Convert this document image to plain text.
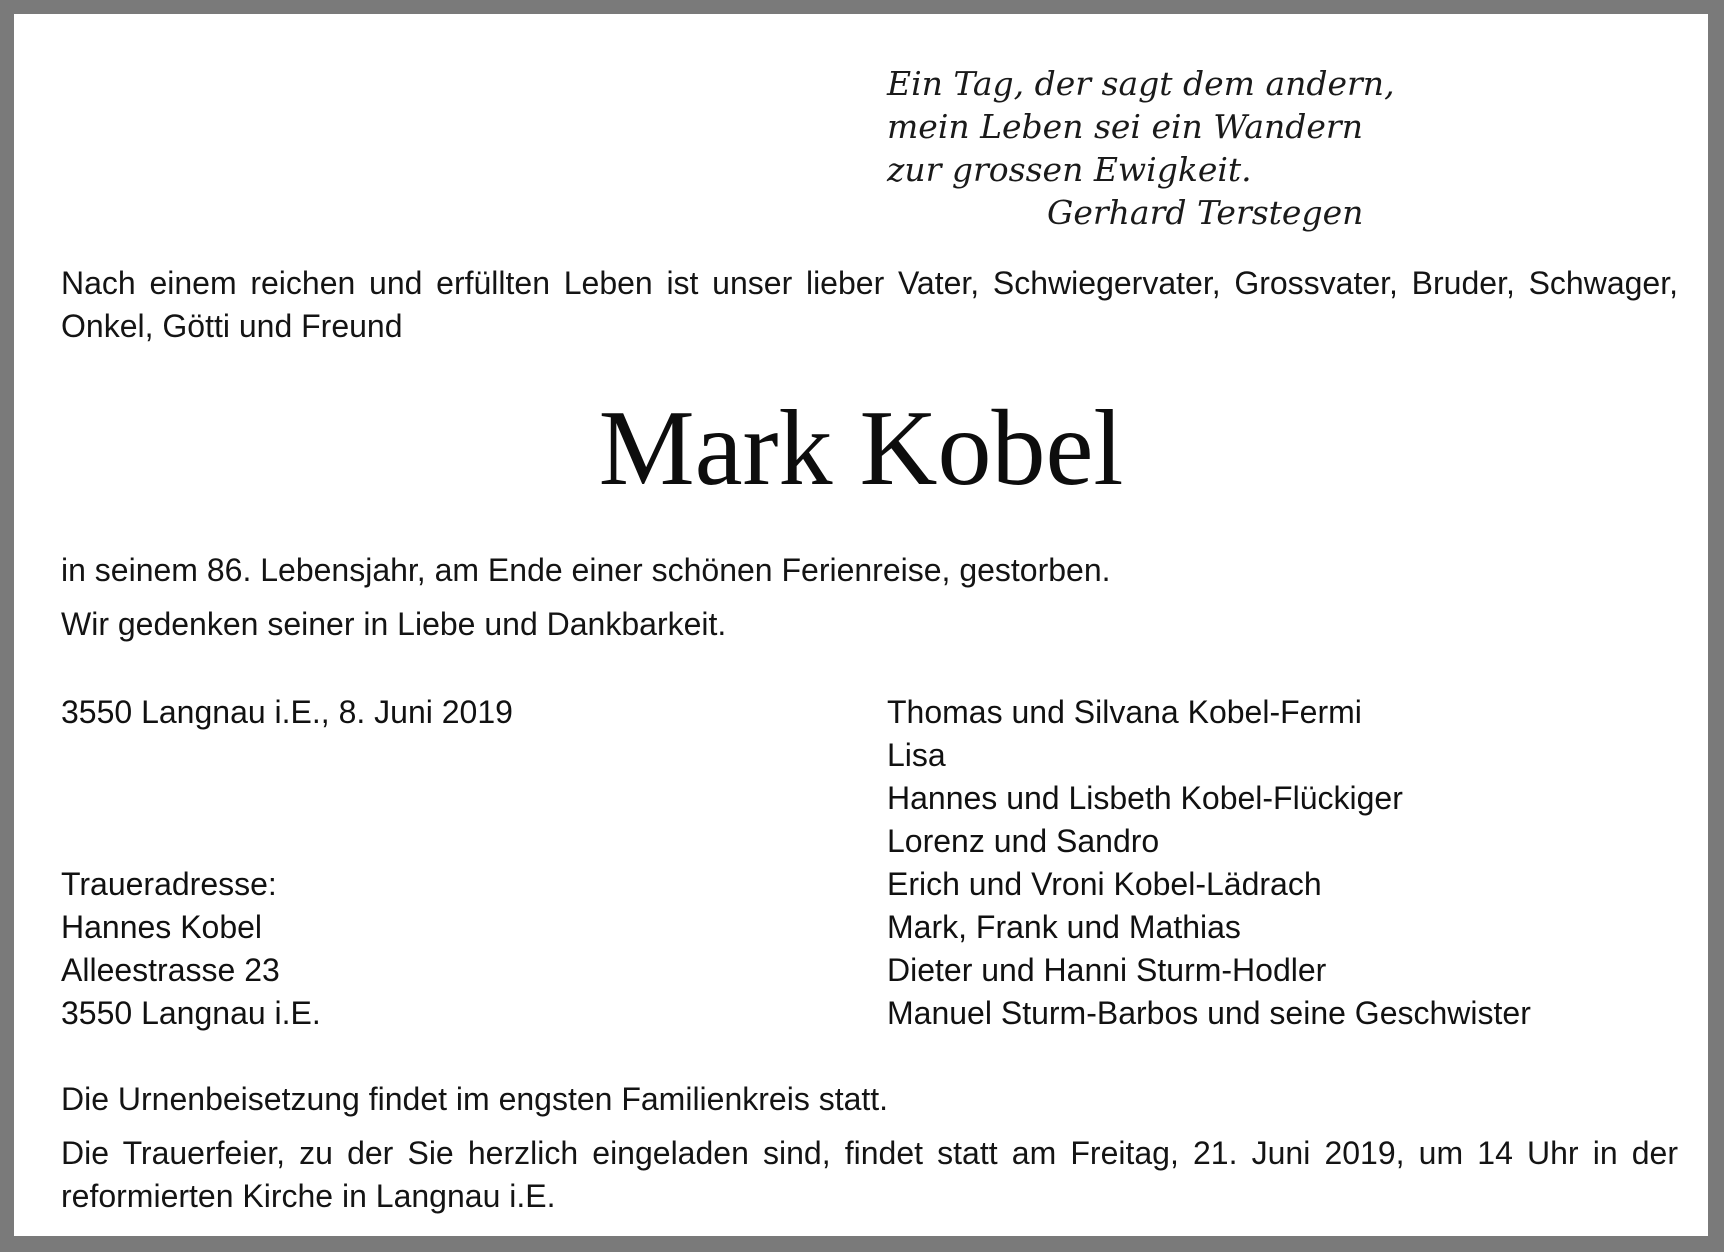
Ein Tag, der sagt dem andern,
mein Leben sei ein Wandern
zur grossen Ewigkeit.
Gerhard Terstegen
Nach einem reichen und erfüllten Leben ist unser lieber Vater, Schwiegervater, Grossvater, Bruder, Schwager, Onkel, Götti und Freund
Mark Kobel
in seinem 86. Lebensjahr, am Ende einer schönen Ferienreise, gestorben.
Wir gedenken seiner in Liebe und Dankbarkeit.
3550 Langnau i.E., 8. Juni 2019
Traueradresse:
Hannes Kobel
Alleestrasse 23
3550 Langnau i.E.
Thomas und Silvana Kobel-Fermi
Lisa
Hannes und Lisbeth Kobel-Flückiger
Lorenz und Sandro
Erich und Vroni Kobel-Lädrach
Mark, Frank und Mathias
Dieter und Hanni Sturm-Hodler
Manuel Sturm-Barbos und seine Geschwister
Die Urnenbeisetzung findet im engsten Familienkreis statt.
Die Trauerfeier, zu der Sie herzlich eingeladen sind, findet statt am Freitag, 21. Juni 2019, um 14 Uhr in der reformierten Kirche in Langnau i.E.
